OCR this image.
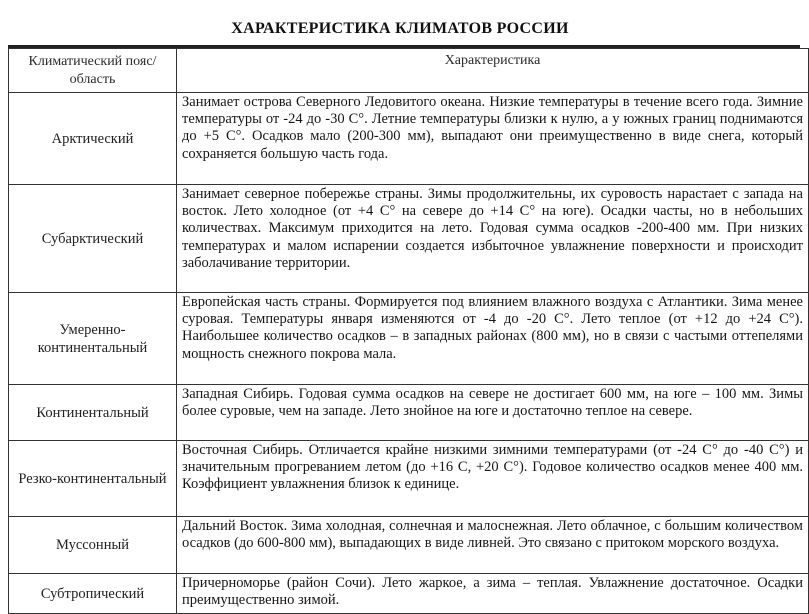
ХАРАКТЕРИСТИКА КЛИМАТОВ РОССИИ
Климатический пояс/ область	Характеристика
Арктический	Занимает острова Северного Ледовитого океана. Низкие температуры в течение всего года. Зимние температуры от -24 до -30 С°. Летние температуры близки к нулю, а у южных границ поднимаются до +5 С°. Осадков мало (200-300 мм), выпадают они преимущественно в виде снега, который сохраняется большую часть года.
Субарктический	Занимает северное побережье страны. Зимы продолжительны, их суровость нарастает с запада на восток. Лето холодное (от +4 С° на севере до +14 С° на юге). Осадки часты, но в небольших количествах. Максимум приходится на лето. Годовая сумма осадков -200-400 мм. При низких температурах и малом испарении создается избыточное увлажнение поверхности и происходит заболачивание территории.
Умеренно-континентальный	Европейская часть страны. Формируется под влиянием влажного воздуха с Атлантики. Зима менее суровая. Температуры января изменяются от -4 до -20 С°. Лето теплое (от +12 до +24 С°). Наибольшее количество осадков – в западных районах (800 мм), но в связи с частыми оттепелями мощность снежного покрова мала.
Континентальный	Западная Сибирь. Годовая сумма осадков на севере не достигает 600 мм, на юге – 100 мм. Зимы более суровые, чем на западе. Лето знойное на юге и достаточно теплое на севере.
Резко-континентальный	Восточная Сибирь. Отличается крайне низкими зимними температурами (от -24 С° до -40 С°) и значительным прогреванием летом (до +16 С, +20 С°). Годовое количество осадков менее 400 мм. Коэффициент увлажнения близок к единице.
Муссонный	Дальний Восток. Зима холодная, солнечная и малоснежная. Лето облачное, с большим количеством осадков (до 600-800 мм), выпадающих в виде ливней. Это связано с притоком морского воздуха.
Субтропический	Причерноморье (район Сочи). Лето жаркое, а зима – теплая. Увлажнение достаточное. Осадки преимущественно зимой.
